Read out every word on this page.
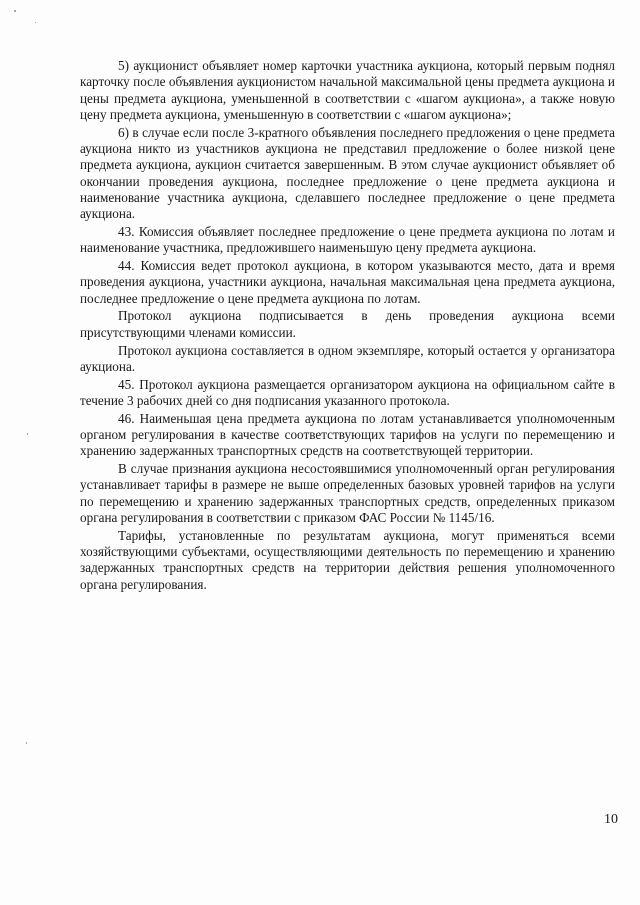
5) аукционист объявляет номер карточки участника аукциона, который первым поднял карточку после объявления аукционистом начальной максимальной цены предмета аукциона и цены предмета аукциона, уменьшенной в соответствии с «шагом аукциона», а также новую цену предмета аукциона, уменьшенную в соответствии с «шагом аукциона»;

6) в случае если после 3-кратного объявления последнего предложения о цене предмета аукциона никто из участников аукциона не представил предложение о более низкой цене предмета аукциона, аукцион считается завершенным. В этом случае аукционист объявляет об окончании проведения аукциона, последнее предложение о цене предмета аукциона и наименование участника аукциона, сделавшего последнее предложение о цене предмета аукциона.

43. Комиссия объявляет последнее предложение о цене предмета аукциона по лотам и наименование участника, предложившего наименьшую цену предмета аукциона.

44. Комиссия ведет протокол аукциона, в котором указываются место, дата и время проведения аукциона, участники аукциона, начальная максимальная цена предмета аукциона, последнее предложение о цене предмета аукциона по лотам.

Протокол аукциона подписывается в день проведения аукциона всеми присутствующими членами комиссии.

Протокол аукциона составляется в одном экземпляре, который остается у организатора аукциона.

45. Протокол аукциона размещается организатором аукциона на официальном сайте в течение 3 рабочих дней со дня подписания указанного протокола.

46. Наименьшая цена предмета аукциона по лотам устанавливается уполномоченным органом регулирования в качестве соответствующих тарифов на услуги по перемещению и хранению задержанных транспортных средств на соответствующей территории.

В случае признания аукциона несостоявшимися уполномоченный орган регулирования устанавливает тарифы в размере не выше определенных базовых уровней тарифов на услуги по перемещению и хранению задержанных транспортных средств, определенных приказом органа регулирования в соответствии с приказом ФАС России № 1145/16.

Тарифы, установленные по результатам аукциона, могут применяться всеми хозяйствующими субъектами, осуществляющими деятельность по перемещению и хранению задержанных транспортных средств на территории действия решения уполномоченного органа регулирования.

10
